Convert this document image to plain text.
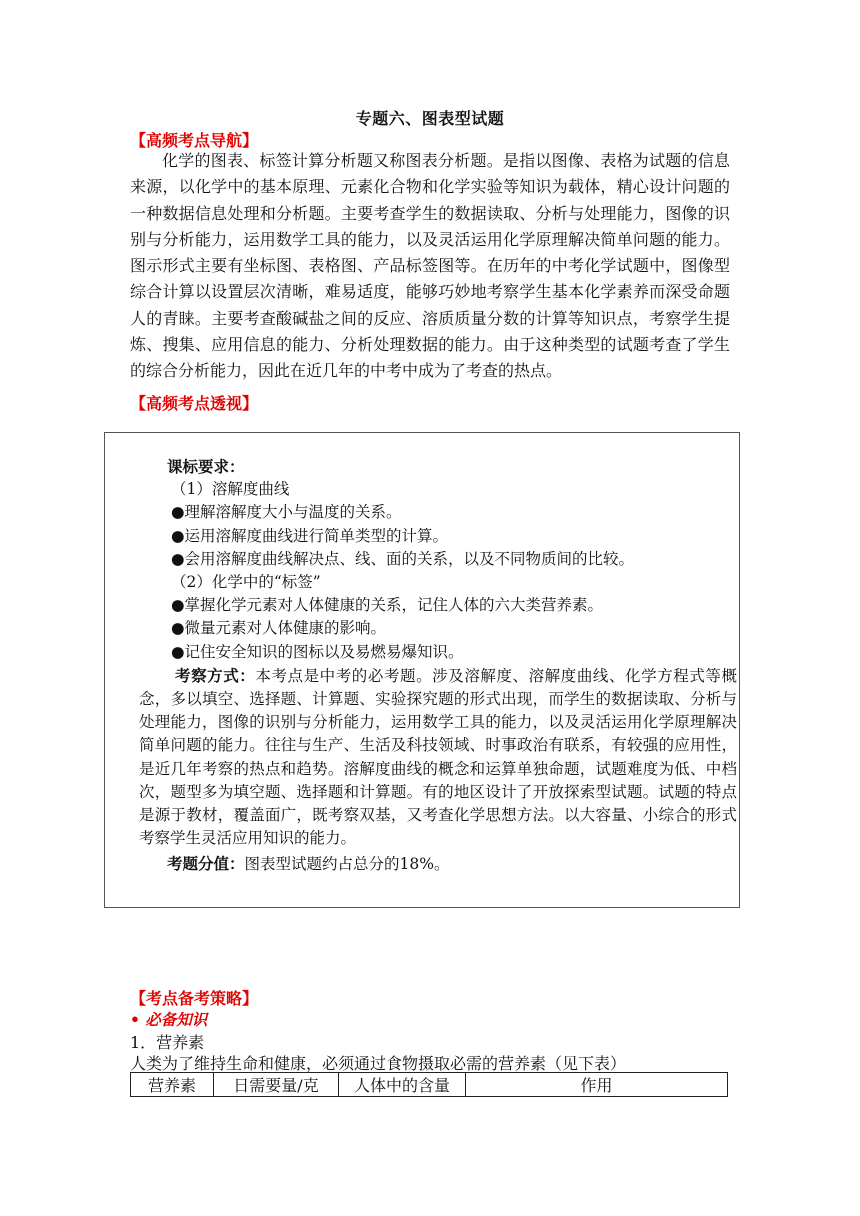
专题六、图表型试题
【高频考点导航】

化学的图表、标签计算分析题又称图表分析题。是指以图像、表格为试题的信息来源，以化学中的基本原理、元素化合物和化学实验等知识为载体，精心设计问题的一种数据信息处理和分析题。主要考查学生的数据读取、分析与处理能力，图像的识别与分析能力，运用数学工具的能力，以及灵活运用化学原理解决简单问题的能力。图示形式主要有坐标图、表格图、产品标签图等。在历年的中考化学试题中，图像型综合计算以设置层次清晰，难易适度，能够巧妙地考察学生基本化学素养而深受命题人的青睐。主要考查酸碱盐之间的反应、溶质质量分数的计算等知识点，考察学生提炼、搜集、应用信息的能力、分析处理数据的能力。由于这种类型的试题考查了学生的综合分析能力，因此在近几年的中考中成为了考查的热点。

【高频考点透视】
课标要求：
（1）溶解度曲线
●理解溶解度大小与温度的关系。
●运用溶解度曲线进行简单类型的计算。
●会用溶解度曲线解决点、线、面的关系，以及不同物质间的比较。
（2）化学中的“标签”
●掌握化学元素对人体健康的关系，记住人体的六大类营养素。
●微量元素对人体健康的影响。
●记住安全知识的图标以及易燃易爆知识。
考察方式：本考点是中考的必考题。涉及溶解度、溶解度曲线、化学方程式等概念，多以填空、选择题、计算题、实验探究题的形式出现，而学生的数据读取、分析与处理能力，图像的识别与分析能力，运用数学工具的能力，以及灵活运用化学原理解决简单问题的能力。往往与生产、生活及科技领域、时事政治有联系，有较强的应用性，是近几年考察的热点和趋势。溶解度曲线的概念和运算单独命题，试题难度为低、中档次，题型多为填空题、选择题和计算题。有的地区设计了开放探索型试题。试题的特点是源于教材，覆盖面广，既考察双基，又考查化学思想方法。以大容量、小综合的形式考察学生灵活应用知识的能力。
考题分值：图表型试题约占总分的18%。
【考点备考策略】
• 必备知识
1．营养素
人类为了维持生命和健康，必须通过食物摄取必需的营养素（见下表）
营养素	日需要量/克	人体中的含量	作用
